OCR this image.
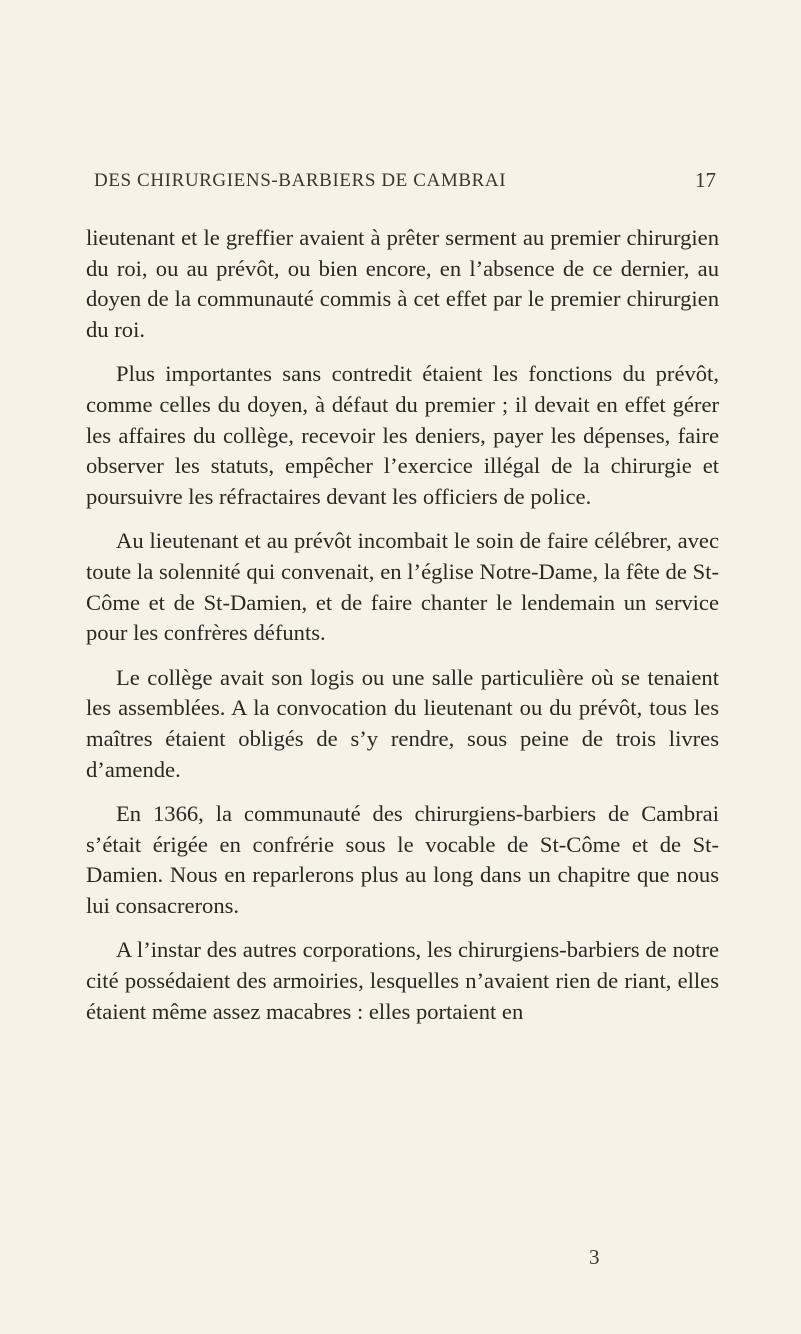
DES CHIRURGIENS-BARBIERS DE CAMBRAI	17

lieutenant et le greffier avaient à prêter serment au premier chirurgien du roi, ou au prévôt, ou bien encore, en l’absence de ce dernier, au doyen de la communauté commis à cet effet par le premier chirurgien du roi.

Plus importantes sans contredit étaient les fonctions du prévôt, comme celles du doyen, à défaut du premier ; il devait en effet gérer les affaires du collège, recevoir les deniers, payer les dépenses, faire observer les statuts, empêcher l’exercice illégal de la chirurgie et poursuivre les réfractaires devant les officiers de police.

Au lieutenant et au prévôt incombait le soin de faire célébrer, avec toute la solennité qui convenait, en l’église Notre-Dame, la fête de St-Côme et de St-Damien, et de faire chanter le lendemain un service pour les confrères défunts.

Le collège avait son logis ou une salle particulière où se tenaient les assemblées. A la convocation du lieutenant ou du prévôt, tous les maîtres étaient obligés de s’y rendre, sous peine de trois livres d’amende.

En 1366, la communauté des chirurgiens-barbiers de Cambrai s’était érigée en confrérie sous le vocable de St-Côme et de St-Damien. Nous en reparlerons plus au long dans un chapitre que nous lui consacrerons.

A l’instar des autres corporations, les chirurgiens-barbiers de notre cité possédaient des armoiries, lesquelles n’avaient rien de riant, elles étaient même assez macabres : elles portaient en

3
